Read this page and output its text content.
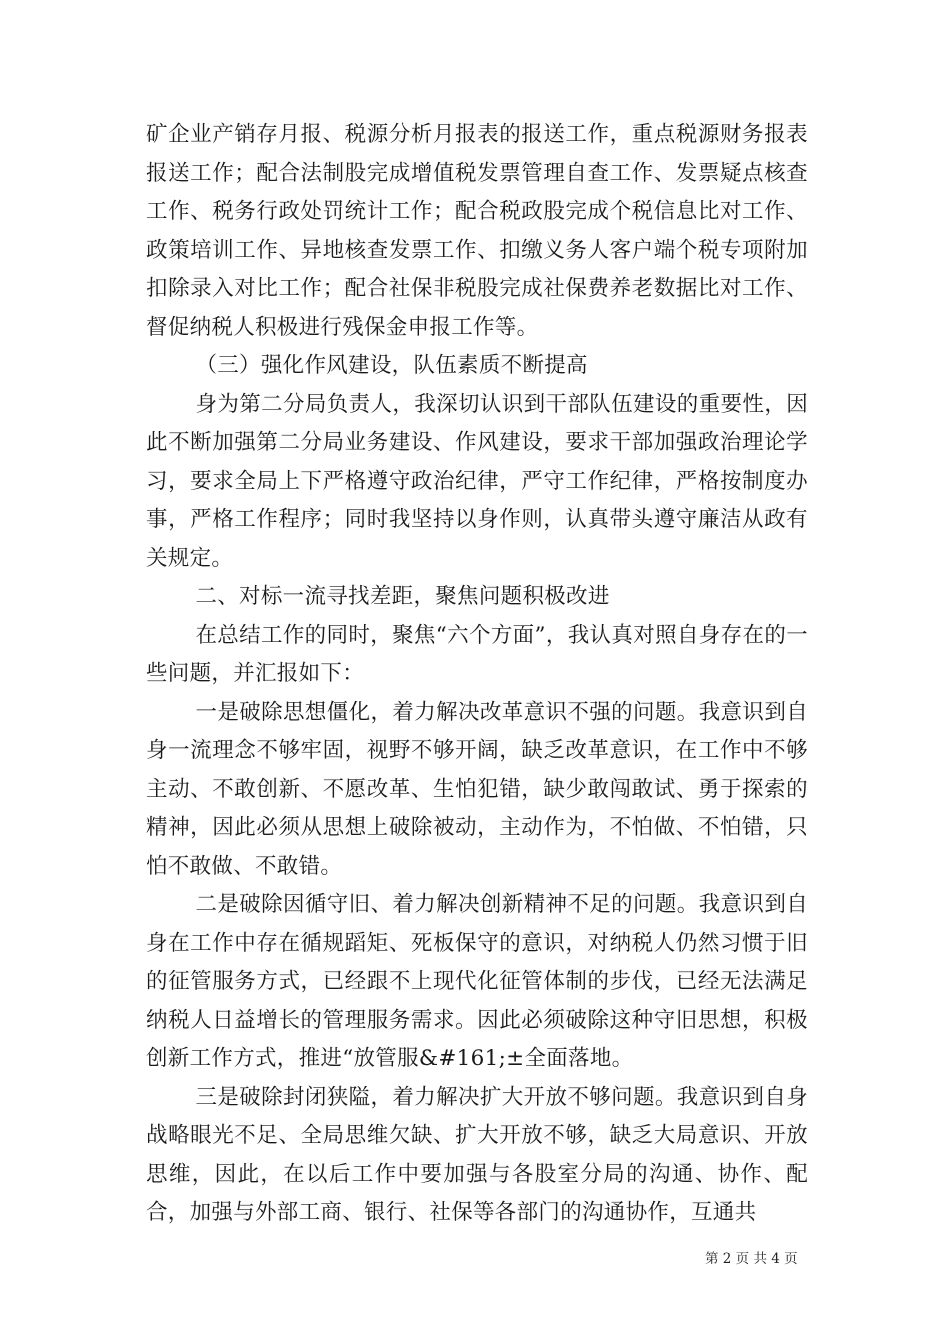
矿企业产销存月报、税源分析月报表的报送工作，重点税源财务报表报送工作；配合法制股完成增值税发票管理自查工作、发票疑点核查工作、税务行政处罚统计工作；配合税政股完成个税信息比对工作、政策培训工作、异地核查发票工作、扣缴义务人客户端个税专项附加扣除录入对比工作；配合社保非税股完成社保费养老数据比对工作、督促纳税人积极进行残保金申报工作等。

（三）强化作风建设，队伍素质不断提高

身为第二分局负责人，我深切认识到干部队伍建设的重要性，因此不断加强第二分局业务建设、作风建设，要求干部加强政治理论学习，要求全局上下严格遵守政治纪律，严守工作纪律，严格按制度办事，严格工作程序；同时我坚持以身作则，认真带头遵守廉洁从政有关规定。

二、对标一流寻找差距，聚焦问题积极改进

在总结工作的同时，聚焦“六个方面”，我认真对照自身存在的一些问题，并汇报如下：

一是破除思想僵化，着力解决改革意识不强的问题。我意识到自身一流理念不够牢固，视野不够开阔，缺乏改革意识，在工作中不够主动、不敢创新、不愿改革、生怕犯错，缺少敢闯敢试、勇于探索的精神，因此必须从思想上破除被动，主动作为，不怕做、不怕错，只怕不敢做、不敢错。

二是破除因循守旧、着力解决创新精神不足的问题。我意识到自身在工作中存在循规蹈矩、死板保守的意识，对纳税人仍然习惯于旧的征管服务方式，已经跟不上现代化征管体制的步伐，已经无法满足纳税人日益增长的管理服务需求。因此必须破除这种守旧思想，积极创新工作方式，推进“放管服&#161;±全面落地。

三是破除封闭狭隘，着力解决扩大开放不够问题。我意识到自身战略眼光不足、全局思维欠缺、扩大开放不够，缺乏大局意识、开放思维，因此，在以后工作中要加强与各股室分局的沟通、协作、配合，加强与外部工商、银行、社保等各部门的沟通协作，互通共

第 2 页 共 4 页
